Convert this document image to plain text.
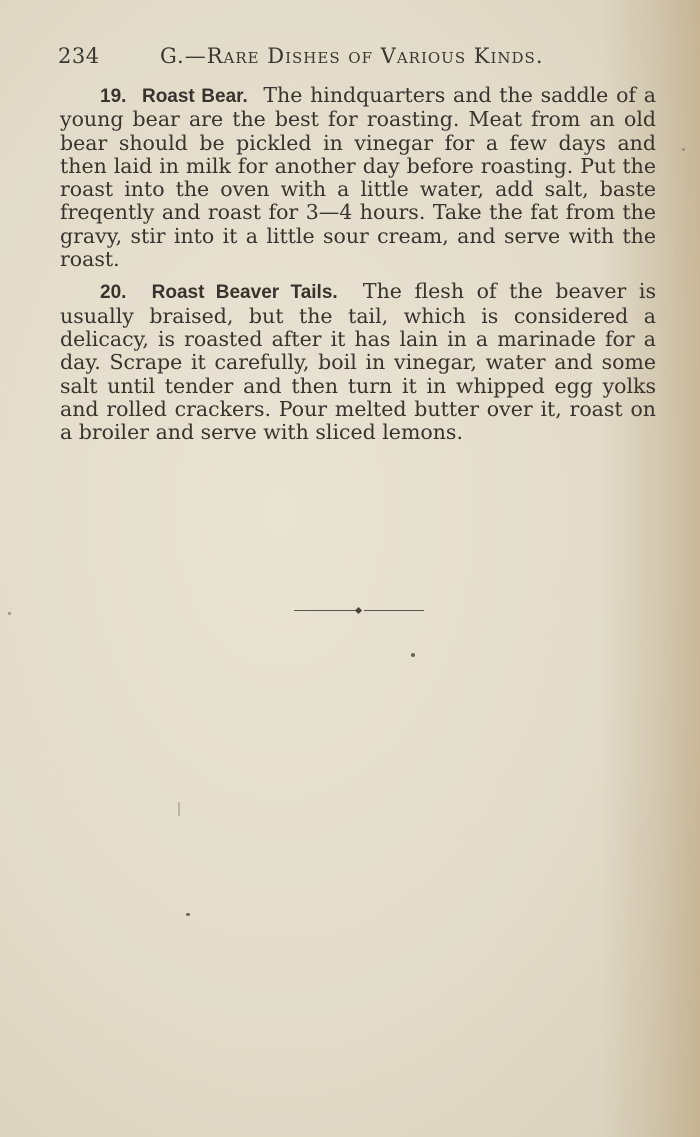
234	G.—Rare Dishes of Various Kinds.

19. Roast Bear. The hindquarters and the saddle of a young bear are the best for roasting. Meat from an old bear should be pickled in vinegar for a few days and then laid in milk for another day before roasting. Put the roast into the oven with a little water, add salt, baste freqently and roast for 3—4 hours. Take the fat from the gravy, stir into it a little sour cream, and serve with the roast.

20. Roast Beaver Tails. The flesh of the beaver is usually braised, but the tail, which is considered a delicacy, is roasted after it has lain in a marinade for a day. Scrape it carefully, boil in vinegar, water and some salt until tender and then turn it in whipped egg yolks and rolled crackers. Pour melted butter over it, roast on a broiler and serve with sliced lemons.
